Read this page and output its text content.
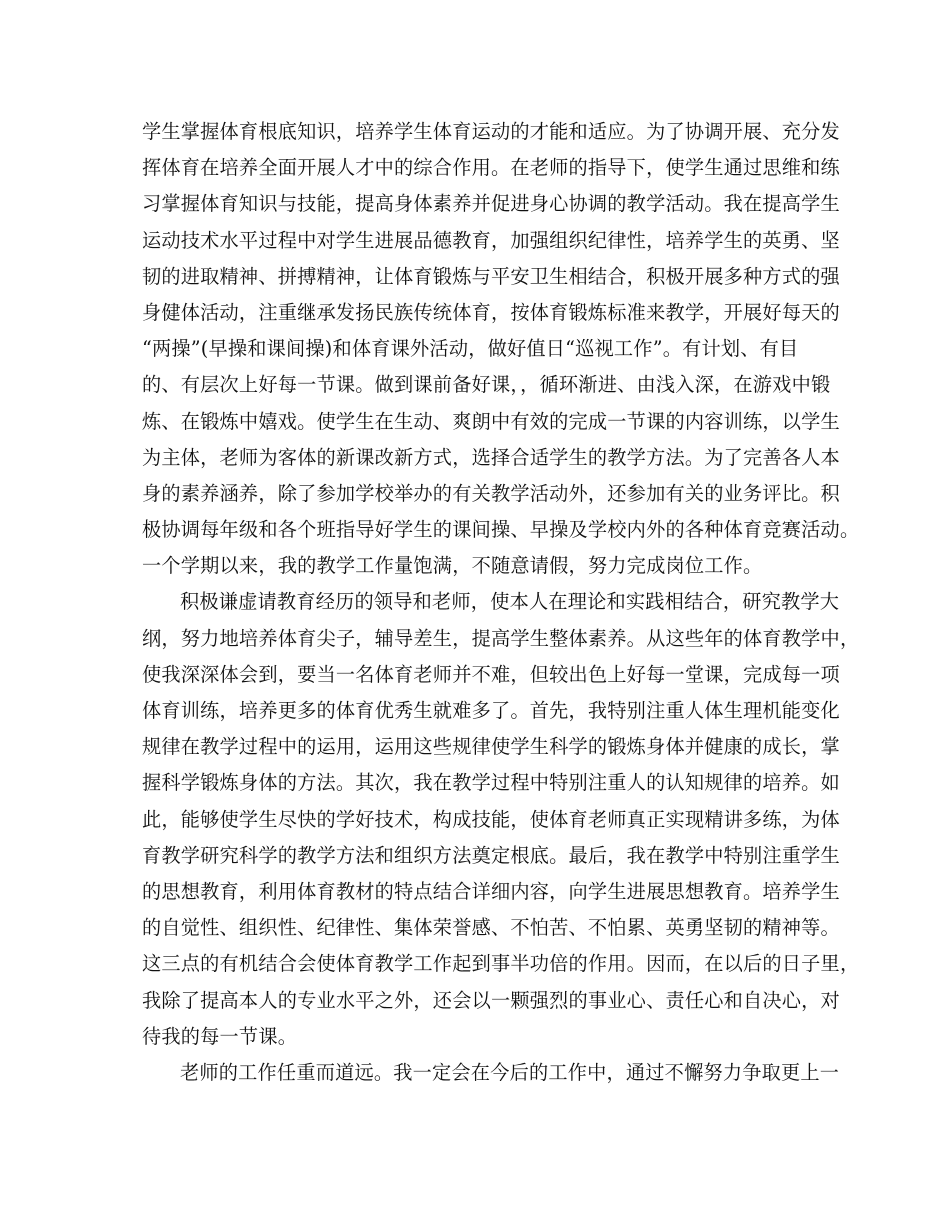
学生掌握体育根底知识，培养学生体育运动的才能和适应。为了协调开展、充分发
挥体育在培养全面开展人才中的综合作用。在老师的指导下，使学生通过思维和练
习掌握体育知识与技能，提高身体素养并促进身心协调的教学活动。我在提高学生
运动技术水平过程中对学生进展品德教育，加强组织纪律性，培养学生的英勇、坚
韧的进取精神、拼搏精神，让体育锻炼与平安卫生相结合，积极开展多种方式的强
身健体活动，注重继承发扬民族传统体育，按体育锻炼标准来教学，开展好每天的
“两操”(早操和课间操)和体育课外活动，做好值日“巡视工作”。有计划、有目
的、有层次上好每一节课。做到课前备好课，，循环渐进、由浅入深，在游戏中锻
炼、在锻炼中嬉戏。使学生在生动、爽朗中有效的完成一节课的内容训练，以学生
为主体，老师为客体的新课改新方式，选择合适学生的教学方法。为了完善各人本
身的素养涵养，除了参加学校举办的有关教学活动外，还参加有关的业务评比。积
极协调每年级和各个班指导好学生的课间操、早操及学校内外的各种体育竞赛活动。
一个学期以来，我的教学工作量饱满，不随意请假，努力完成岗位工作。
积极谦虚请教育经历的领导和老师，使本人在理论和实践相结合，研究教学大
纲，努力地培养体育尖子，辅导差生，提高学生整体素养。从这些年的体育教学中，
使我深深体会到，要当一名体育老师并不难，但较出色上好每一堂课，完成每一项
体育训练，培养更多的体育优秀生就难多了。首先，我特别注重人体生理机能变化
规律在教学过程中的运用，运用这些规律使学生科学的锻炼身体并健康的成长，掌
握科学锻炼身体的方法。其次，我在教学过程中特别注重人的认知规律的培养。如
此，能够使学生尽快的学好技术，构成技能，使体育老师真正实现精讲多练，为体
育教学研究科学的教学方法和组织方法奠定根底。最后，我在教学中特别注重学生
的思想教育，利用体育教材的特点结合详细内容，向学生进展思想教育。培养学生
的自觉性、组织性、纪律性、集体荣誉感、不怕苦、不怕累、英勇坚韧的精神等。
这三点的有机结合会使体育教学工作起到事半功倍的作用。因而，在以后的日子里，
我除了提高本人的专业水平之外，还会以一颗强烈的事业心、责任心和自决心，对
待我的每一节课。
老师的工作任重而道远。我一定会在今后的工作中，通过不懈努力争取更上一
